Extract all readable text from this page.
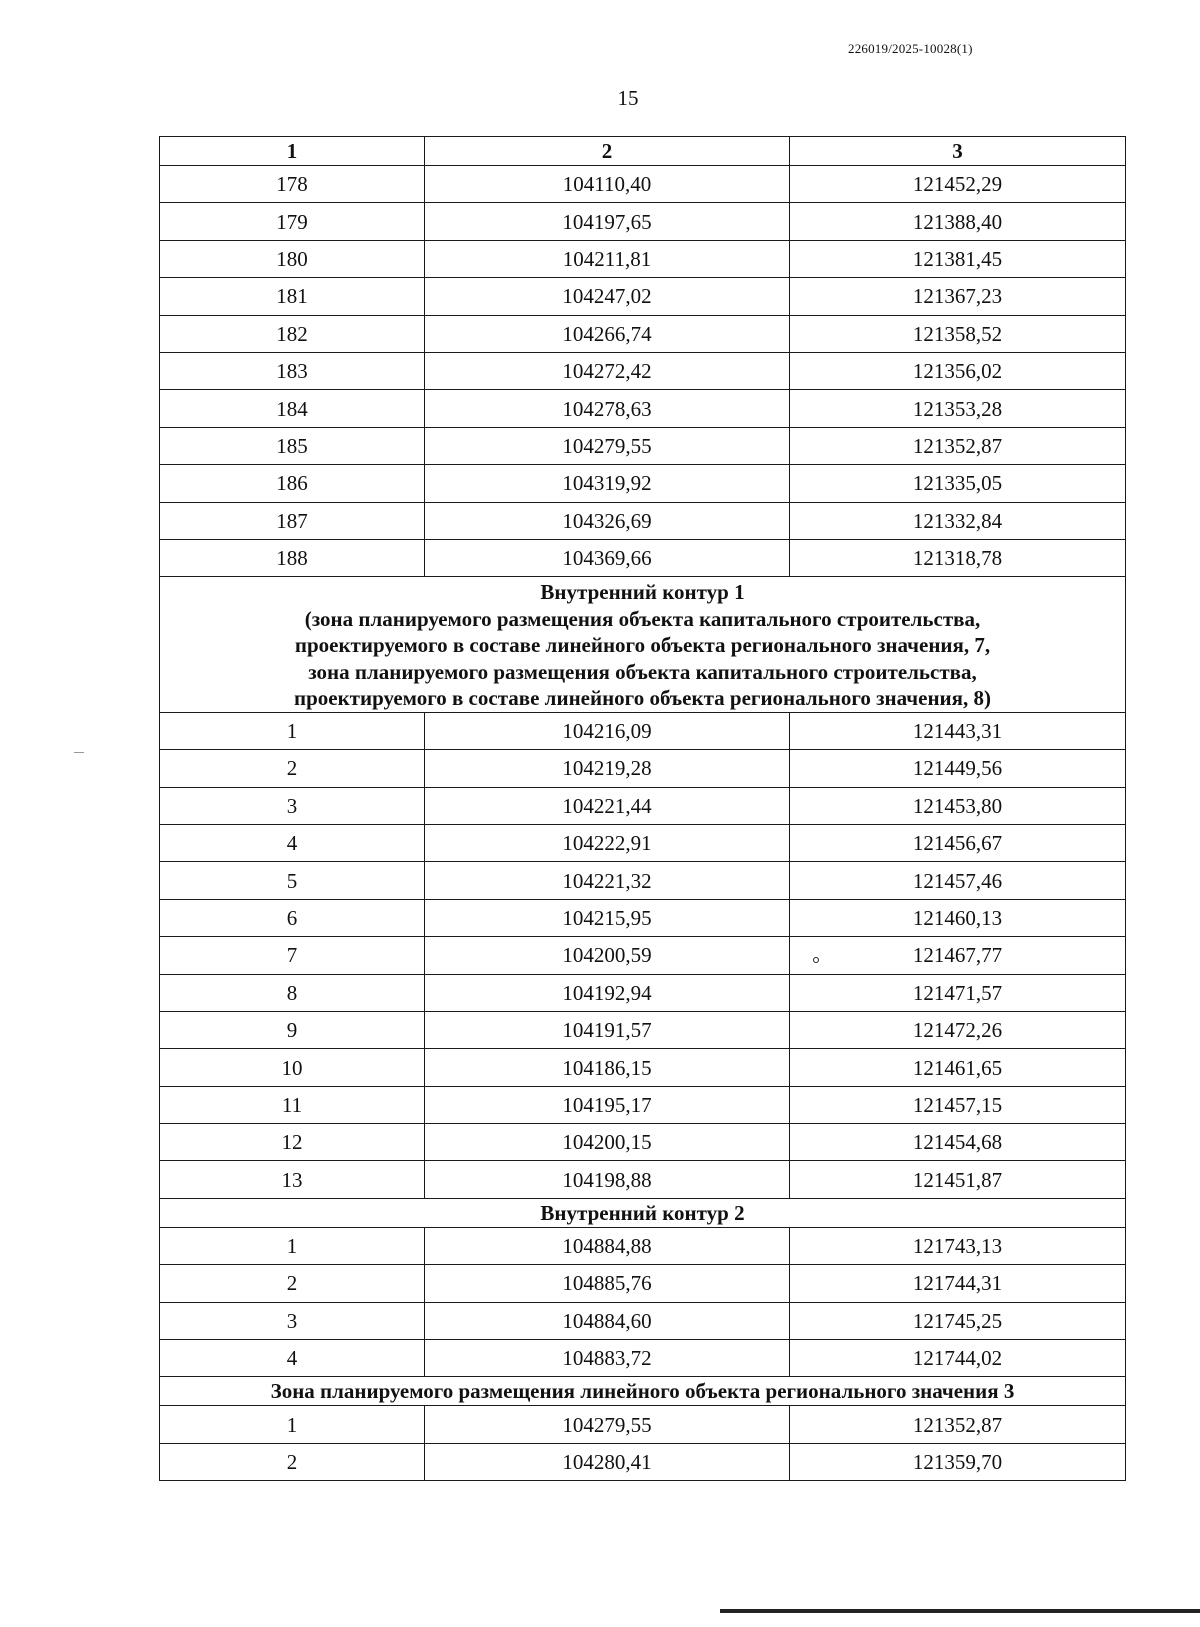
226019/2025-10028(1)
15
1	2	3
178	104110,40	121452,29
179	104197,65	121388,40
180	104211,81	121381,45
181	104247,02	121367,23
182	104266,74	121358,52
183	104272,42	121356,02
184	104278,63	121353,28
185	104279,55	121352,87
186	104319,92	121335,05
187	104326,69	121332,84
188	104369,66	121318,78

Внутренний контур 1
(зона планируемого размещения объекта капитального строительства,
проектируемого в составе линейного объекта регионального значения, 7,
зона планируемого размещения объекта капитального строительства,
проектируемого в составе линейного объекта регионального значения, 8)		

1	104216,09	121443,31
2	104219,28	121449,56
3	104221,44	121453,80
4	104222,91	121456,67
5	104221,32	121457,46
6	104215,95	121460,13
7	104200,59	121467,77
8	104192,94	121471,57
9	104191,57	121472,26
10	104186,15	121461,65
11	104195,17	121457,15
12	104200,15	121454,68
13	104198,88	121451,87

Внутренний контур 2		

1	104884,88	121743,13
2	104885,76	121744,31
3	104884,60	121745,25
4	104883,72	121744,02

Зона планируемого размещения линейного объекта регионального значения 3		

1	104279,55	121352,87
2	104280,41	121359,70
